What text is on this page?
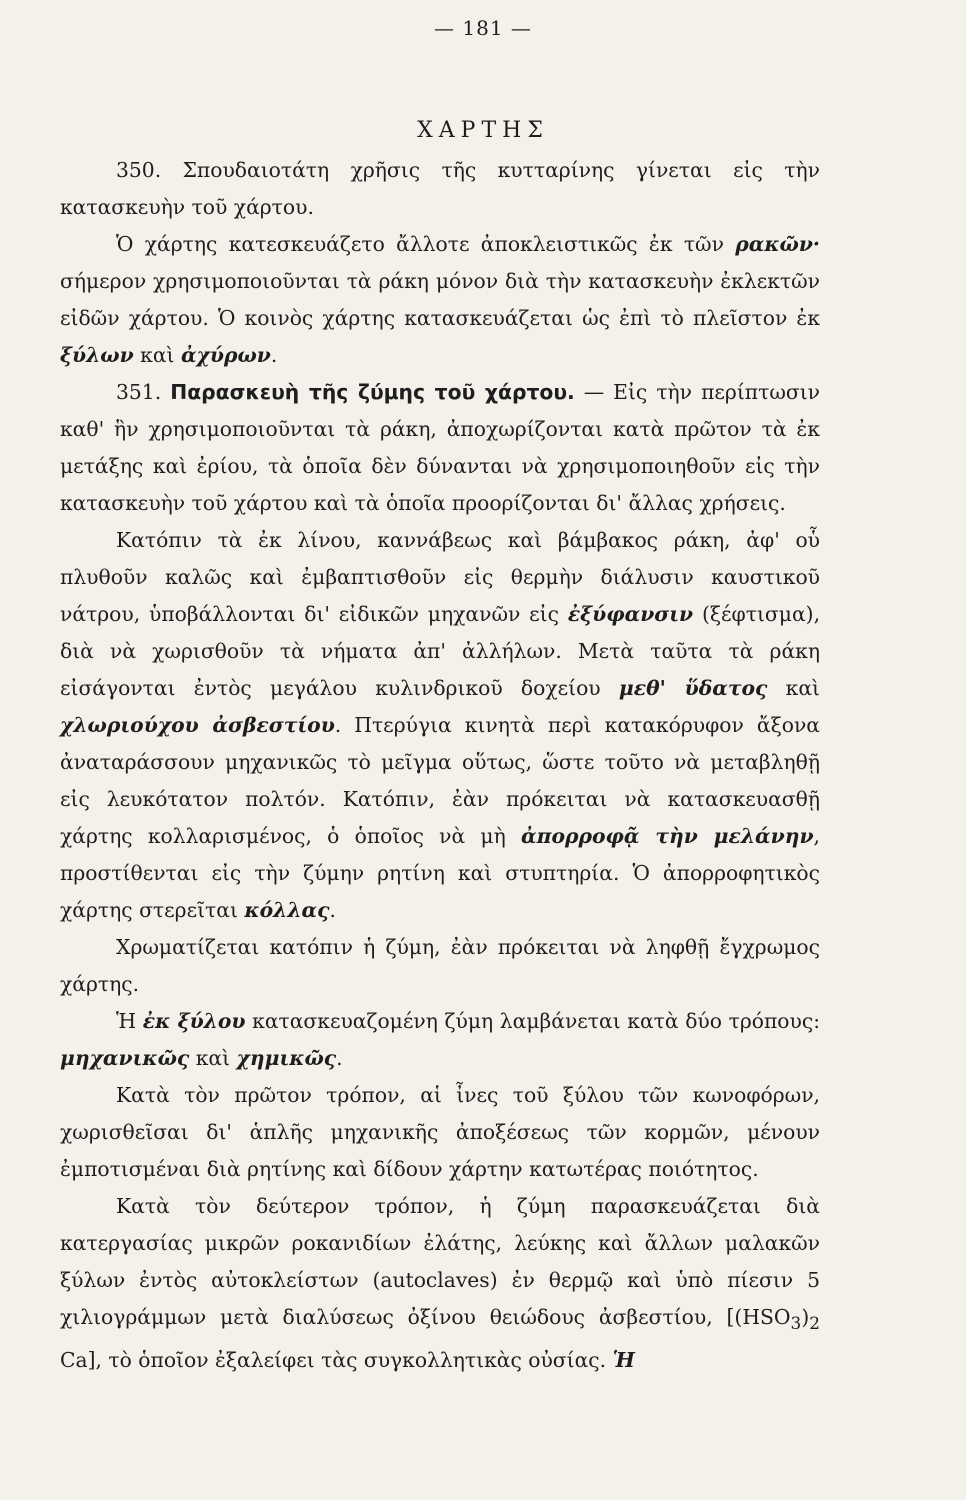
— 181 —
ΧΑΡΤΗΣ

350. Σπουδαιοτάτη χρῆσις τῆς κυτταρίνης γίνεται εἰς τὴν κατασκευὴν τοῦ χάρτου.

Ὁ χάρτης κατεσκευάζετο ἄλλοτε ἀποκλειστικῶς ἐκ τῶν ρακῶν· σήμερον χρησιμοποιοῦνται τὰ ράκη μόνον διὰ τὴν κατασκευὴν ἐκλεκτῶν εἰδῶν χάρτου. Ὁ κοινὸς χάρτης κατασκευάζεται ὡς ἐπὶ τὸ πλεῖστον ἐκ ξύλων καὶ ἀχύρων.

351. Παρασκευὴ τῆς ζύμης τοῦ χάρτου. — Εἰς τὴν περίπτωσιν καθ' ἣν χρησιμοποιοῦνται τὰ ράκη, ἀποχωρίζονται κατὰ πρῶτον τὰ ἐκ μετάξης καὶ ἐρίου, τὰ ὁποῖα δὲν δύνανται νὰ χρησιμοποιηθοῦν εἰς τὴν κατασκευὴν τοῦ χάρτου καὶ τὰ ὁποῖα προορίζονται δι' ἄλλας χρήσεις.

Κατόπιν τὰ ἐκ λίνου, καννάβεως καὶ βάμβακος ράκη, ἀφ' οὗ πλυθοῦν καλῶς καὶ ἐμβαπτισθοῦν εἰς θερμὴν διάλυσιν καυστικοῦ νάτρου, ὑποβάλλονται δι' εἰδικῶν μηχανῶν εἰς ἐξύφανσιν (ξέφτισμα), διὰ νὰ χωρισθοῦν τὰ νήματα ἀπ' ἀλλήλων. Μετὰ ταῦτα τὰ ράκη εἰσάγονται ἐντὸς μεγάλου κυλινδρικοῦ δοχείου μεθ' ὕδατος καὶ χλωριούχου ἀσβεστίου. Πτερύγια κινητὰ περὶ κατακόρυφον ἄξονα ἀναταράσσουν μηχανικῶς τὸ μεῖγμα οὕτως, ὥστε τοῦτο νὰ μεταβληθῇ εἰς λευκότατον πολτόν. Κατόπιν, ἐὰν πρόκειται νὰ κατασκευασθῇ χάρτης κολλαρισμένος, ὁ ὁποῖος νὰ μὴ ἀπορροφᾷ τὴν μελάνην, προστίθενται εἰς τὴν ζύμην ρητίνη καὶ στυπτηρία. Ὁ ἀπορροφητικὸς χάρτης στερεῖται κόλλας.

Χρωματίζεται κατόπιν ἡ ζύμη, ἐὰν πρόκειται νὰ ληφθῇ ἔγχρωμος χάρτης.

Ἡ ἐκ ξύλου κατασκευαζομένη ζύμη λαμβάνεται κατὰ δύο τρόπους: μηχανικῶς καὶ χημικῶς.

Κατὰ τὸν πρῶτον τρόπον, αἱ ἶνες τοῦ ξύλου τῶν κωνοφόρων, χωρισθεῖσαι δι' ἁπλῆς μηχανικῆς ἀποξέσεως τῶν κορμῶν, μένουν ἐμποτισμέναι διὰ ρητίνης καὶ δίδουν χάρτην κατωτέρας ποιότητος.

Κατὰ τὸν δεύτερον τρόπον, ἡ ζύμη παρασκευάζεται διὰ κατεργασίας μικρῶν ροκανιδίων ἐλάτης, λεύκης καὶ ἄλλων μαλακῶν ξύλων ἐντὸς αὐτοκλείστων (autoclaves) ἐν θερμῷ καὶ ὑπὸ πίεσιν 5 χιλιογράμμων μετὰ διαλύσεως ὀξίνου θειώδους ἀσβεστίου, [$(HSO_3)_2$ Ca], τὸ ὁποῖον ἐξαλείφει τὰς συγκολλητικὰς οὐσίας. Ἡ
